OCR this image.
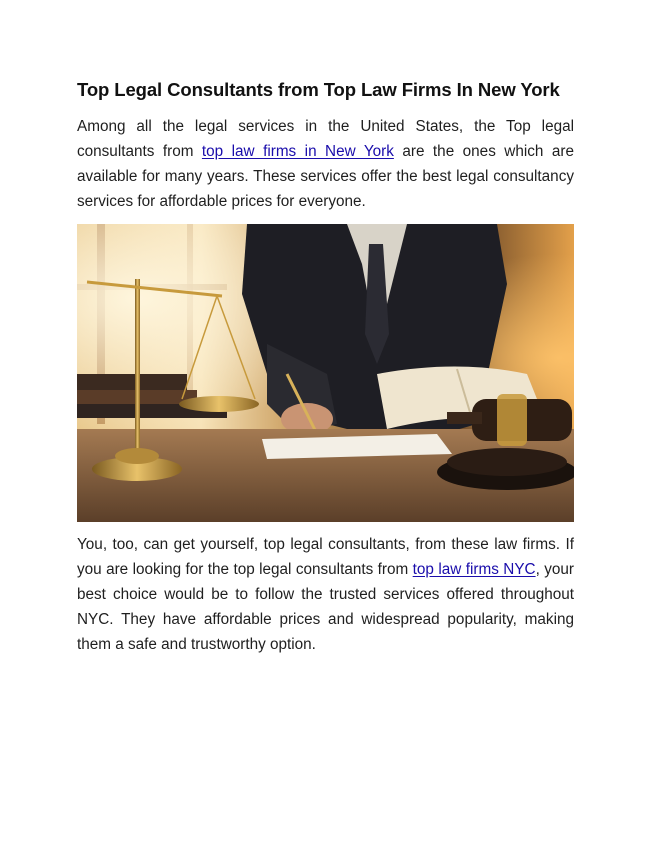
Top Legal Consultants from Top Law Firms In New York

Among all the legal services in the United States, the Top legal consultants from top law firms in New York are the ones which are available for many years. These services offer the best legal consultancy services for affordable prices for everyone.

You, too, can get yourself, top legal consultants, from these law firms. If you are looking for the top legal consultants from top law firms NYC, your best choice would be to follow the trusted services offered throughout NYC. They have affordable prices and widespread popularity, making them a safe and trustworthy option.
